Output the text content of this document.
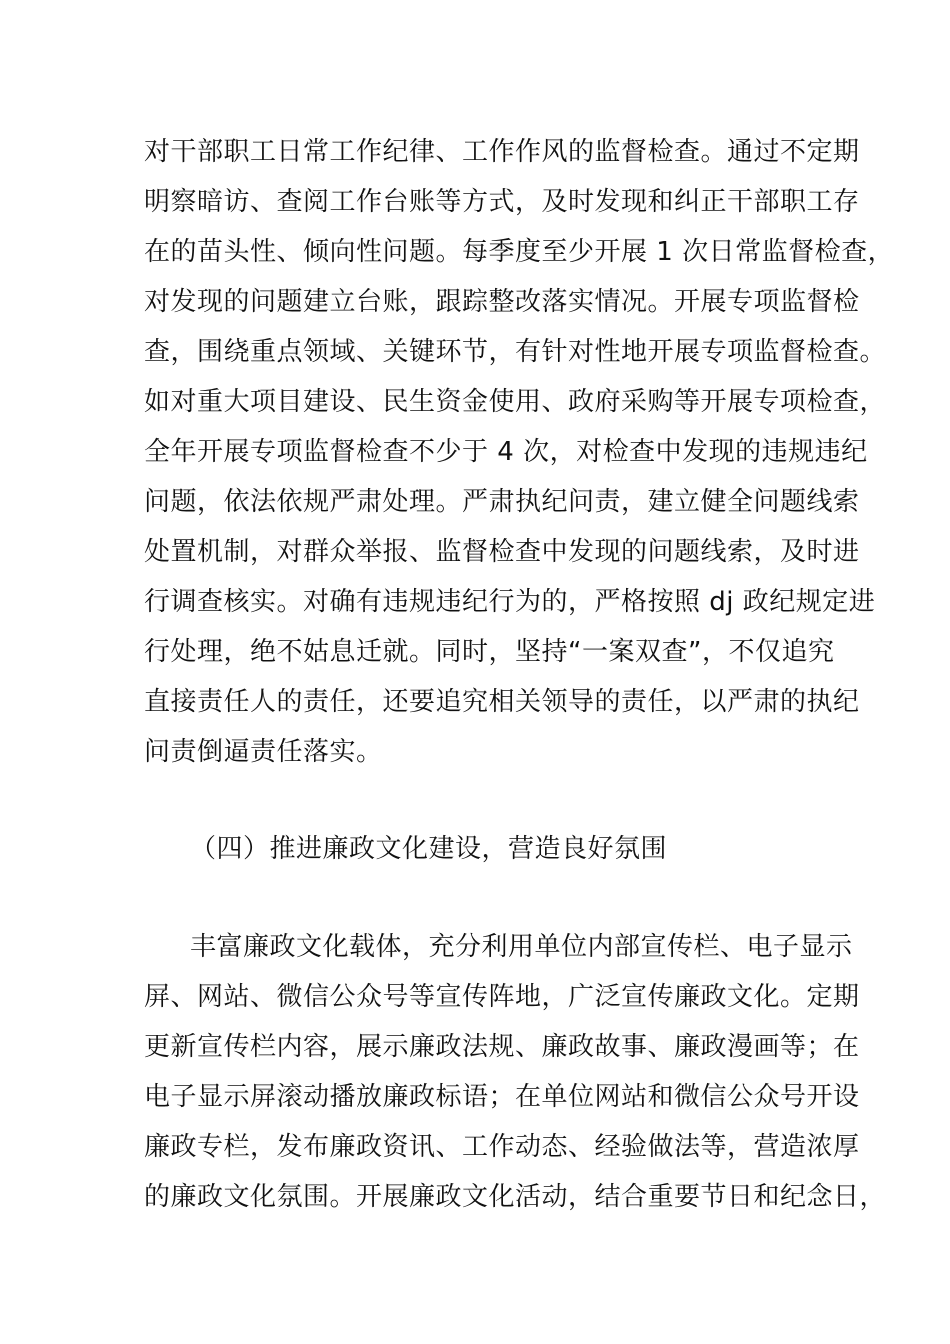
对干部职工日常工作纪律、工作作风的监督检查。通过不定期
明察暗访、查阅工作台账等方式，及时发现和纠正干部职工存
在的苗头性、倾向性问题。每季度至少开展 1 次日常监督检查，
对发现的问题建立台账，跟踪整改落实情况。开展专项监督检
查，围绕重点领域、关键环节，有针对性地开展专项监督检查。
如对重大项目建设、民生资金使用、政府采购等开展专项检查，
全年开展专项监督检查不少于 4 次，对检查中发现的违规违纪
问题，依法依规严肃处理。严肃执纪问责，建立健全问题线索
处置机制，对群众举报、监督检查中发现的问题线索，及时进
行调查核实。对确有违规违纪行为的，严格按照 dj 政纪规定进
行处理，绝不姑息迁就。同时，坚持“一案双查”，不仅追究
直接责任人的责任，还要追究相关领导的责任，以严肃的执纪
问责倒逼责任落实。
（四）推进廉政文化建设，营造良好氛围
丰富廉政文化载体，充分利用单位内部宣传栏、电子显示
屏、网站、微信公众号等宣传阵地，广泛宣传廉政文化。定期
更新宣传栏内容，展示廉政法规、廉政故事、廉政漫画等；在
电子显示屏滚动播放廉政标语；在单位网站和微信公众号开设
廉政专栏，发布廉政资讯、工作动态、经验做法等，营造浓厚
的廉政文化氛围。开展廉政文化活动，结合重要节日和纪念日，
